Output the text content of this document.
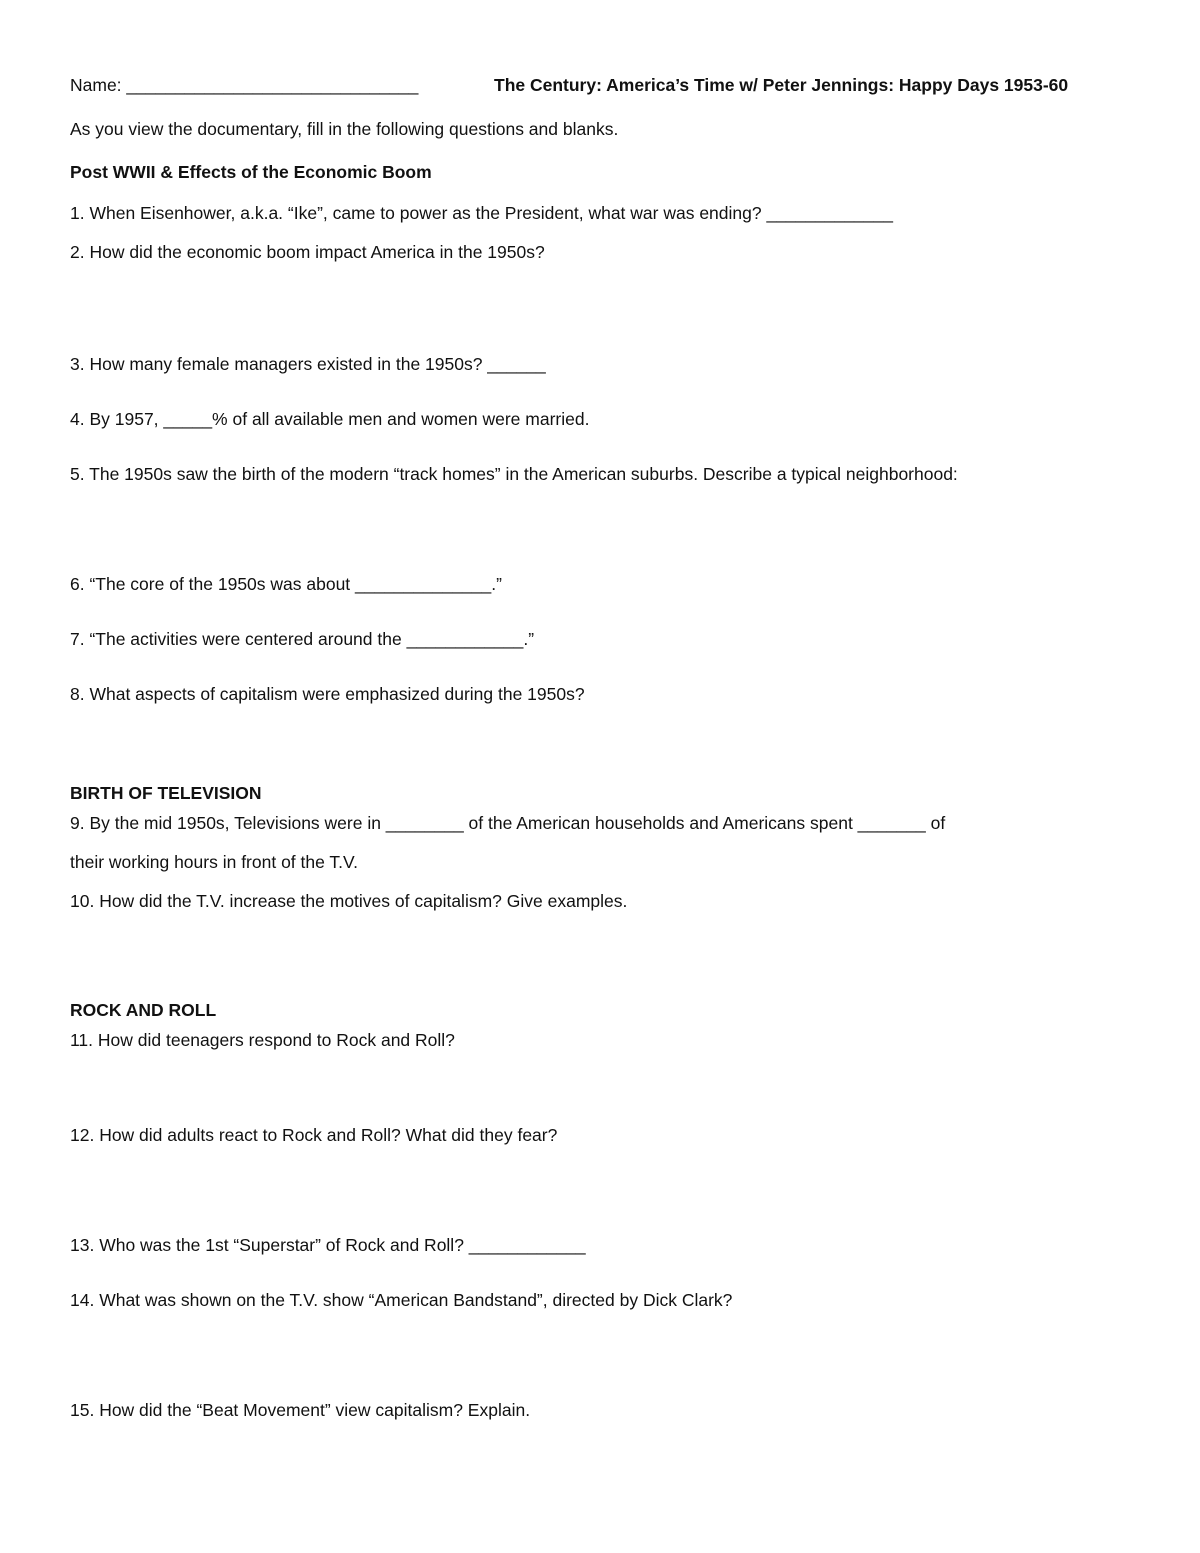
Name: ______________________________	The Century: America’s Time w/ Peter Jennings: Happy Days 1953-60
As you view the documentary, fill in the following questions and blanks.
Post WWII & Effects of the Economic Boom
1. When Eisenhower, a.k.a. “Ike”, came to power as the President, what war was ending? _____________
2. How did the economic boom impact America in the 1950s?
3. How many female managers existed in the 1950s? ______
4. By 1957, _____% of all available men and women were married.
5. The 1950s saw the birth of the modern “track homes” in the American suburbs. Describe a typical neighborhood:
6. “The core of the 1950s was about ______________.”
7. “The activities were centered around the ____________.”
8. What aspects of capitalism were emphasized during the 1950s?
BIRTH OF TELEVISION
9. By the mid 1950s, Televisions were in ________ of the American households and Americans spent _______ of
their working hours in front of the T.V.
10. How did the T.V. increase the motives of capitalism? Give examples.
ROCK AND ROLL
11. How did teenagers respond to Rock and Roll?
12. How did adults react to Rock and Roll? What did they fear?
13. Who was the 1st “Superstar” of Rock and Roll? ____________
14. What was shown on the T.V. show “American Bandstand”, directed by Dick Clark?
15. How did the “Beat Movement” view capitalism? Explain.
